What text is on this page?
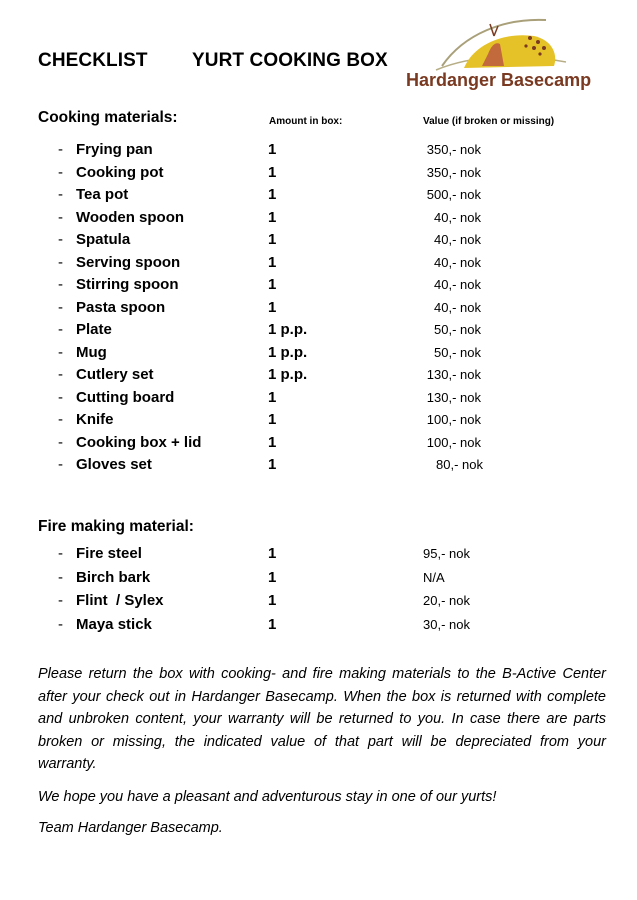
CHECKLIST YURT COOKING BOX
Hardanger Basecamp
Cooking materials:	Amount in box:	Value (if broken or missing)
- Frying pan	1	350,- nok
- Cooking pot	1	350,- nok
- Tea pot	1	500,- nok
- Wooden spoon	1	40,- nok
- Spatula	1	40,- nok
- Serving spoon	1	40,- nok
- Stirring spoon	1	40,- nok
- Pasta spoon	1	40,- nok
- Plate	1 p.p.	50,- nok
- Mug	1 p.p.	50,- nok
- Cutlery set	1 p.p.	130,- nok
- Cutting board	1	130,- nok
- Knife	1	100,- nok
- Cooking box + lid	1	100,- nok
- Gloves set	1	80,- nok
Fire making material:
- Fire steel	1	95,- nok
- Birch bark	1	N/A
- Flint  / Sylex	1	20,- nok
- Maya stick	1	30,- nok
Please return the box with cooking- and fire making materials to the B-Active Center after your check out in Hardanger Basecamp. When the box is returned with complete and unbroken content, your warranty will be returned to you. In case there are parts broken or missing, the indicated value of that part will be depreciated from your warranty.
We hope you have a pleasant and adventurous stay in one of our yurts!
Team Hardanger Basecamp.
